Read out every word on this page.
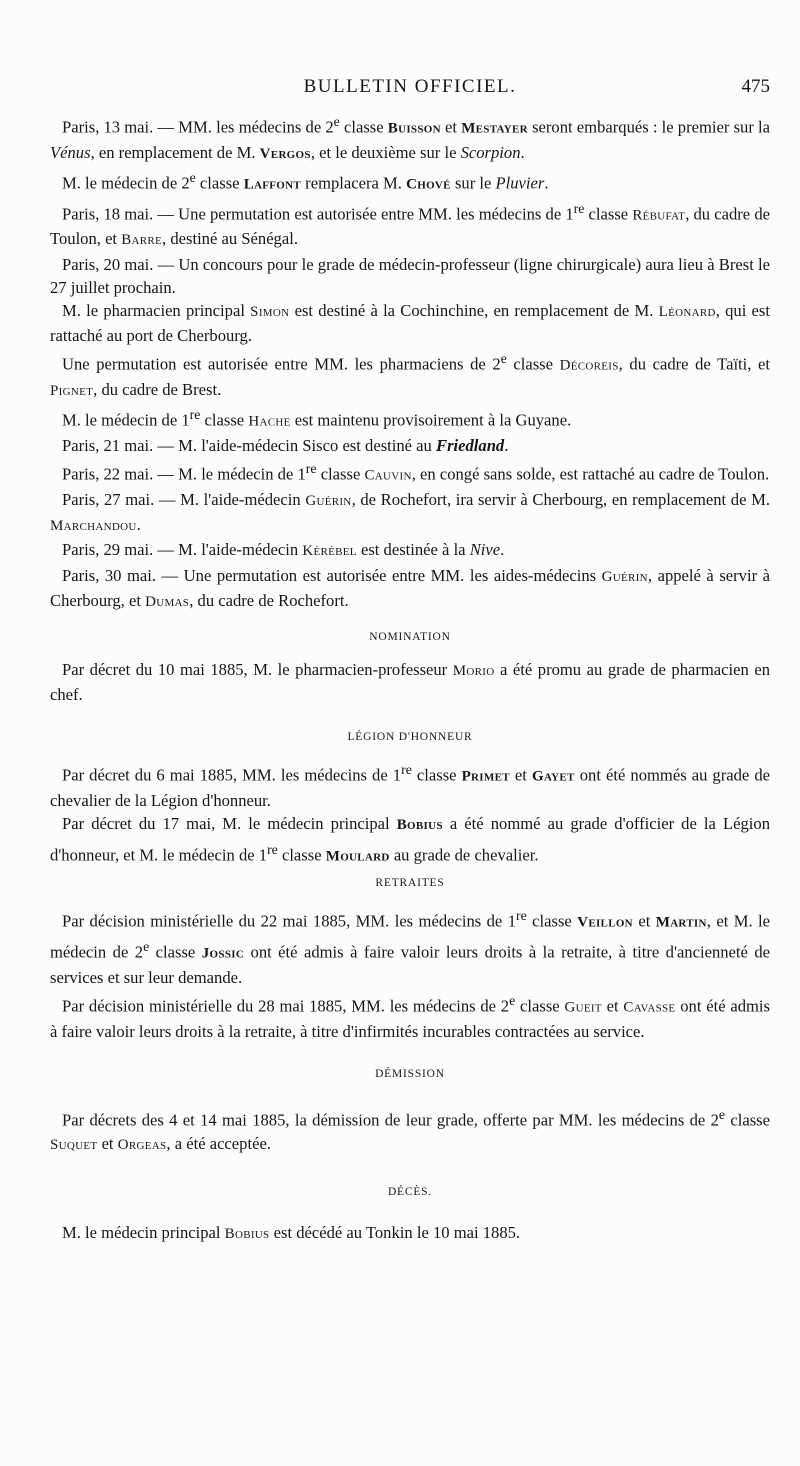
BULLETIN OFFICIEL.	475

Paris, 13 mai. — MM. les médecins de 2e classe Buisson et Mestayer seront embarqués : le premier sur la Vénus, en remplacement de M. Vergos, et le deuxième sur le Scorpion.

M. le médecin de 2e classe Laffont remplacera M. Chové sur le Pluvier.

Paris, 18 mai. — Une permutation est autorisée entre MM. les médecins de 1re classe Rébufat, du cadre de Toulon, et Barre, destiné au Sénégal.

Paris, 20 mai. — Un concours pour le grade de médecin-professeur (ligne chirurgicale) aura lieu à Brest le 27 juillet prochain.

M. le pharmacien principal Simon est destiné à la Cochinchine, en remplacement de M. Léonard, qui est rattaché au port de Cherbourg.

Une permutation est autorisée entre MM. les pharmaciens de 2e classe Décoreis, du cadre de Taïti, et Pignet, du cadre de Brest.

M. le médecin de 1re classe Hache est maintenu provisoirement à la Guyane.

Paris, 21 mai. — M. l'aide-médecin Sisco est destiné au Friedland.

Paris, 22 mai. — M. le médecin de 1re classe Cauvin, en congé sans solde, est rattaché au cadre de Toulon.

Paris, 27 mai. — M. l'aide-médecin Guérin, de Rochefort, ira servir à Cherbourg, en remplacement de M. Marchandou.

Paris, 29 mai. — M. l'aide-médecin Kérébel est destinée à la Nive.

Paris, 30 mai. — Une permutation est autorisée entre MM. les aides-médecins Guérin, appelé à servir à Cherbourg, et Dumas, du cadre de Rochefort.

NOMINATION

Par décret du 10 mai 1885, M. le pharmacien-professeur Morio a été promu au grade de pharmacien en chef.

LÉGION D'HONNEUR

Par décret du 6 mai 1885, MM. les médecins de 1re classe Primet et Gayet ont été nommés au grade de chevalier de la Légion d'honneur.

Par décret du 17 mai, M. le médecin principal Bobius a été nommé au grade d'officier de la Légion d'honneur, et M. le médecin de 1re classe Moulard au grade de chevalier.

RETRAITES

Par décision ministérielle du 22 mai 1885, MM. les médecins de 1re classe Veillon et Martin, et M. le médecin de 2e classe Jossic ont été admis à faire valoir leurs droits à la retraite, à titre d'ancienneté de services et sur leur demande.

Par décision ministérielle du 28 mai 1885, MM. les médecins de 2e classe Gueit et Cavasse ont été admis à faire valoir leurs droits à la retraite, à titre d'infirmités incurables contractées au service.

DÉMISSION

Par décrets des 4 et 14 mai 1885, la démission de leur grade, offerte par MM. les médecins de 2e classe Suquet et Orgeas, a été acceptée.

DÉCÈS.

M. le médecin principal Bobius est décédé au Tonkin le 10 mai 1885.
